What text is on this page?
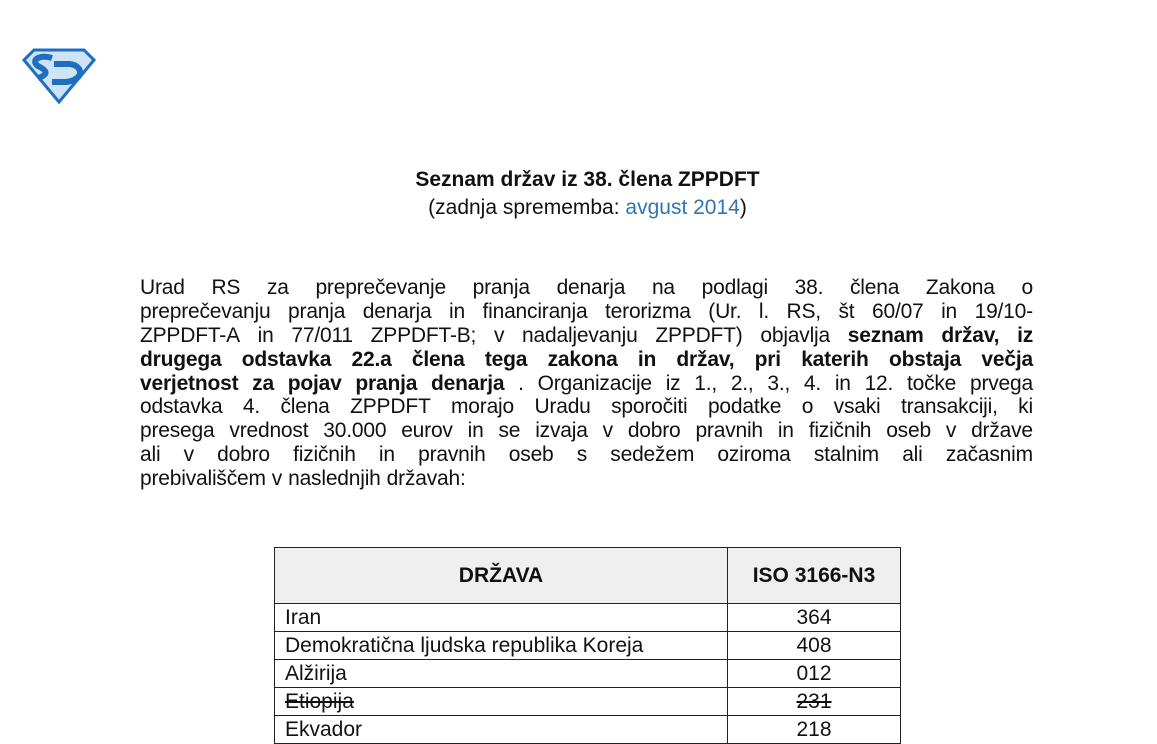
Seznam držav iz 38. člena ZPPDFT
(zadnja sprememba: avgust 2014)
Urad RS za preprečevanje pranja denarja na podlagi 38. člena Zakona o
preprečevanju pranja denarja in financiranja terorizma (Ur. l. RS, št 60/07 in 19/10-
ZPPDFT-A in 77/011 ZPPDFT-B; v nadaljevanju ZPPDFT) objavlja seznam držav, iz
drugega odstavka 22.a člena tega zakona in držav, pri katerih obstaja večja
verjetnost za pojav pranja denarja . Organizacije iz 1., 2., 3., 4. in 12. točke prvega
odstavka 4. člena ZPPDFT morajo Uradu sporočiti podatke o vsaki transakciji, ki
presega vrednost 30.000 eurov in se izvaja v dobro pravnih in fizičnih oseb v države
ali v dobro fizičnih in pravnih oseb s sedežem oziroma stalnim ali začasnim
prebivališčem v naslednjih državah:
DRŽAVA	ISO 3166-N3
Iran	364
Demokratična ljudska republika Koreja	408
Alžirija	012
Etiopija	231
Ekvador	218
